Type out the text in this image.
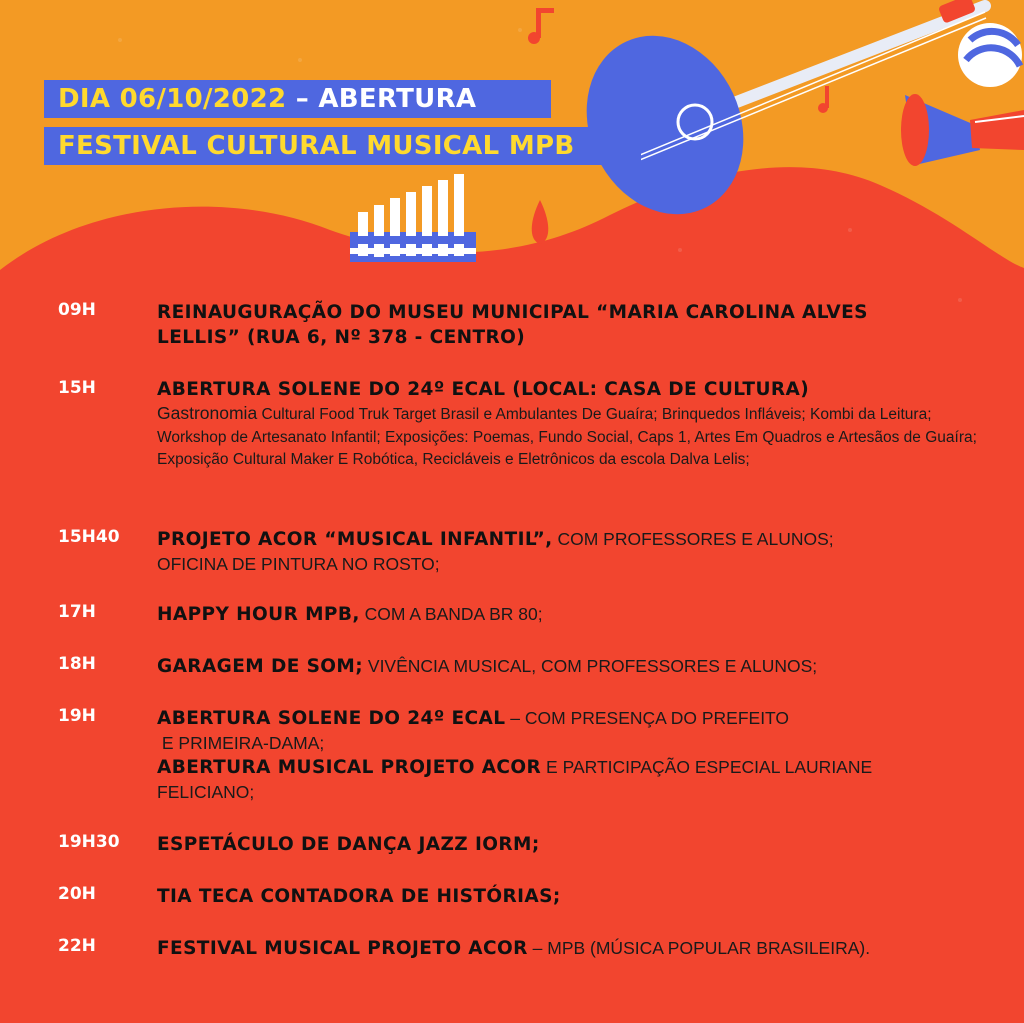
DIA 06/10/2022 – ABERTURA
FESTIVAL CULTURAL MUSICAL MPB
09H	REINAUGURAÇÃO DO MUSEU MUNICIPAL “MARIA CAROLINA ALVES LELLIS” (RUA 6, Nº 378 - CENTRO)
15H	ABERTURA SOLENE DO 24º ECAL (LOCAL: CASA DE CULTURA)
Gastronomia Cultural Food Truk Target Brasil e Ambulantes De Guaíra; Brinquedos Infláveis; Kombi da Leitura; Workshop de Artesanato Infantil; Exposições: Poemas, Fundo Social, Caps 1, Artes Em Quadros e Artesãos de Guaíra; Exposição Cultural Maker E Robótica, Recicláveis e Eletrônicos da escola Dalva Lelis;
15H40 PROJETO ACOR “MUSICAL INFANTIL”, COM PROFESSORES E ALUNOS;
OFICINA DE PINTURA NO ROSTO;
17H	HAPPY HOUR MPB, COM A BANDA BR 80;
18H	GARAGEM DE SOM; VIVÊNCIA MUSICAL, COM PROFESSORES E ALUNOS;
19H	ABERTURA SOLENE DO 24º ECAL – COM PRESENÇA DO PREFEITO
E PRIMEIRA-DAMA;
ABERTURA MUSICAL PROJETO ACOR E PARTICIPAÇÃO ESPECIAL LAURIANE FELICIANO;
19H30 ESPETÁCULO DE DANÇA JAZZ IORM;
20H	TIA TECA CONTADORA DE HISTÓRIAS;
22H	FESTIVAL MUSICAL PROJETO ACOR – MPB (MÚSICA POPULAR BRASILEIRA).
